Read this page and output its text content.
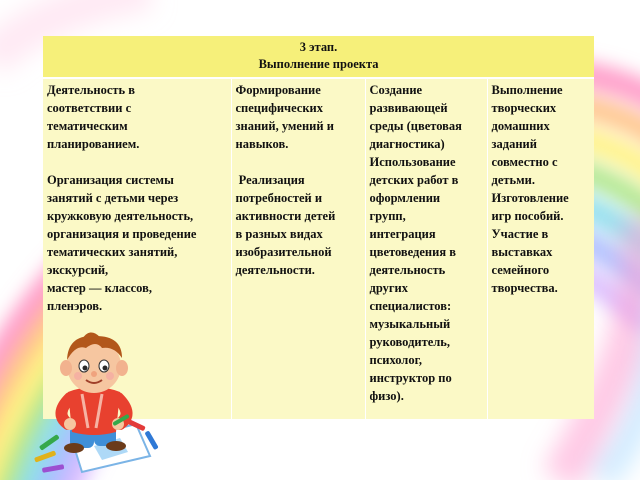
3 этап.
Выполнение проекта

Деятельность в
соответствии с
тематическим
планированием.
Организация системы
занятий с детьми через
кружковую деятельность,
организация и проведение
тематических занятий,
экскурсий,
мастер — классов,
пленэров.

Формирование
специфических
знаний, умений и
навыков.
Реализация
потребностей и
активности детей
в разных видах
изобразительной
деятельности.

Создание
развивающей
среды (цветовая
диагностика)
Использование
детских работ в
оформлении
групп,
интеграция
цветоведения в
деятельность
других
специалистов:
музыкальный
руководитель,
психолог,
инструктор по
физо).

Выполнение
творческих
домашних
заданий
совместно с
детьми.
Изготовление
игр пособий.
Участие в
выставках
семейного
творчества.
